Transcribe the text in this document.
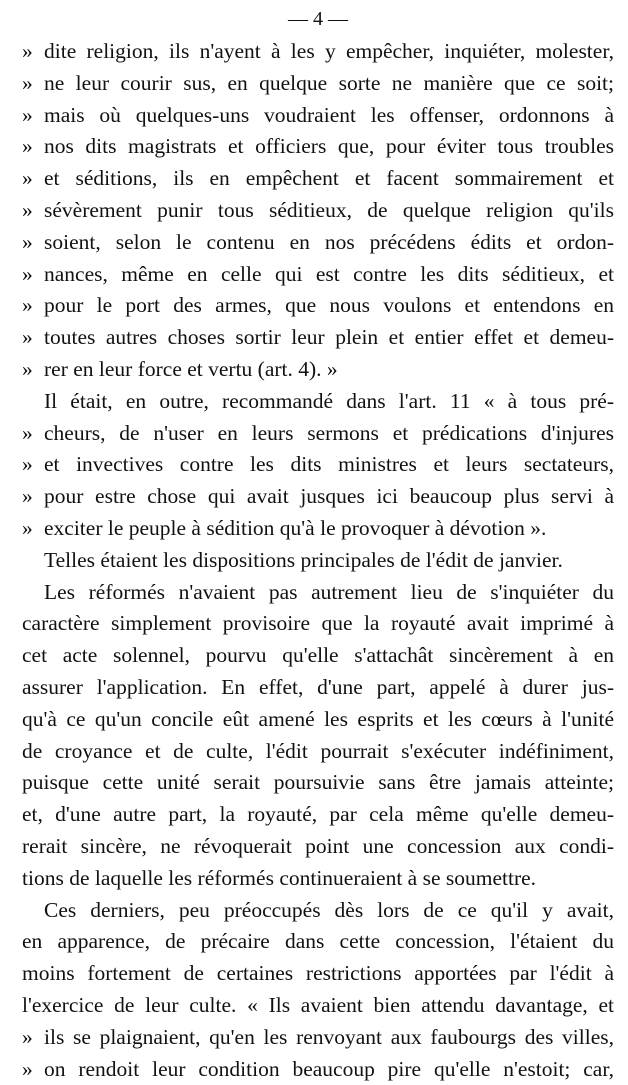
— 4 —
» dite religion, ils n'ayent à les y empêcher, inquiéter, molester,
» ne leur courir sus, en quelque sorte ne manière que ce soit;
» mais où quelques-uns voudraient les offenser, ordonnons à
» nos dits magistrats et officiers que, pour éviter tous troubles
» et séditions, ils en empêchent et facent sommairement et
» sévèrement punir tous séditieux, de quelque religion qu'ils
» soient, selon le contenu en nos précédens édits et ordon-
» nances, même en celle qui est contre les dits séditieux, et
» pour le port des armes, que nous voulons et entendons en
» toutes autres choses sortir leur plein et entier effet et demeu-
» rer en leur force et vertu (art. 4). »
Il était, en outre, recommandé dans l'art. 11 « à tous pré-
» cheurs, de n'user en leurs sermons et prédications d'injures
» et invectives contre les dits ministres et leurs sectateurs,
» pour estre chose qui avait jusques ici beaucoup plus servi à
» exciter le peuple à sédition qu'à le provoquer à dévotion ».
Telles étaient les dispositions principales de l'édit de janvier.
Les réformés n'avaient pas autrement lieu de s'inquiéter du
caractère simplement provisoire que la royauté avait imprimé à
cet acte solennel, pourvu qu'elle s'attachât sincèrement à en
assurer l'application. En effet, d'une part, appelé à durer jus-
qu'à ce qu'un concile eût amené les esprits et les cœurs à l'unité
de croyance et de culte, l'édit pourrait s'exécuter indéfiniment,
puisque cette unité serait poursuivie sans être jamais atteinte;
et, d'une autre part, la royauté, par cela même qu'elle demeu-
rerait sincère, ne révoquerait point une concession aux condi-
tions de laquelle les réformés continueraient à se soumettre.
Ces derniers, peu préoccupés dès lors de ce qu'il y avait,
en apparence, de précaire dans cette concession, l'étaient du
moins fortement de certaines restrictions apportées par l'édit à
l'exercice de leur culte. « Ils avaient bien attendu davantage, et
» ils se plaignaient, qu'en les renvoyant aux faubourgs des villes,
» on rendoit leur condition beaucoup pire qu'elle n'estoit; car,
